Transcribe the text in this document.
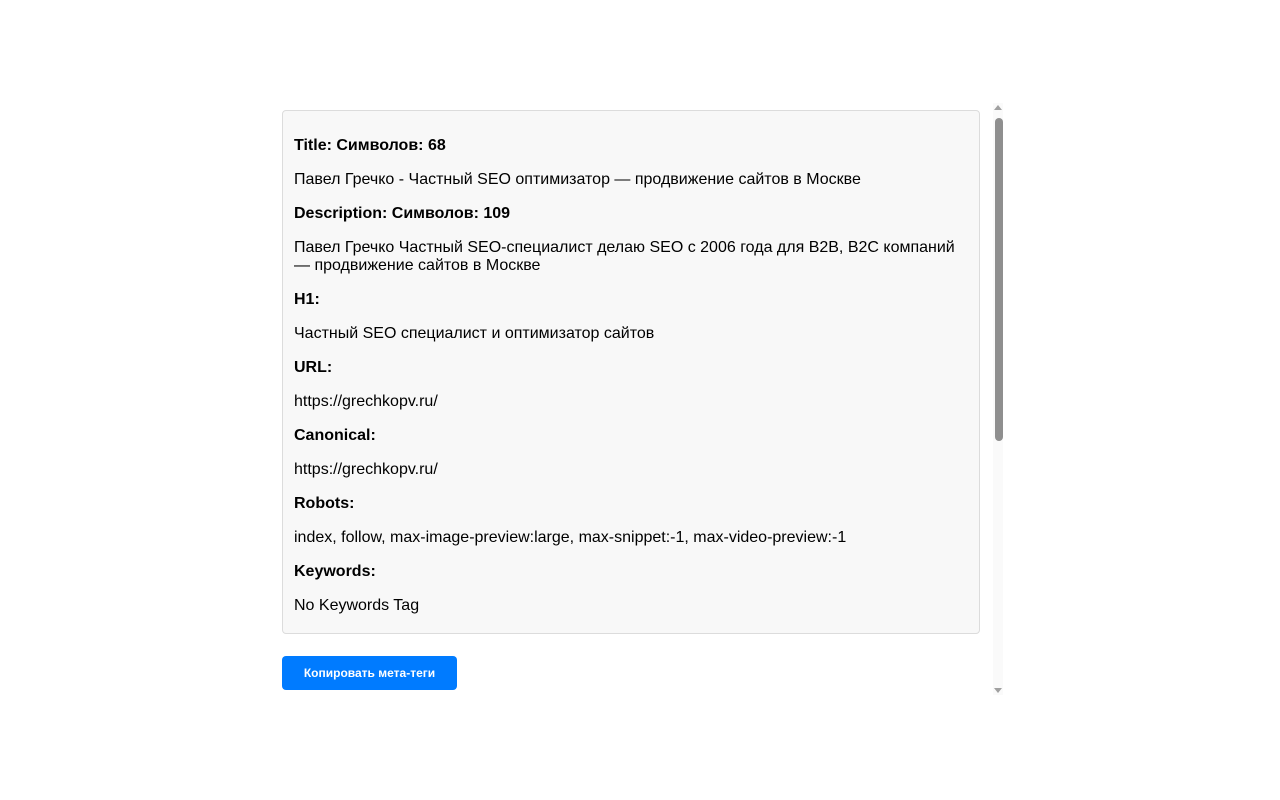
Title: Символов: 68

Павел Гречко - Частный SEO оптимизатор — продвижение сайтов в Москве

Description: Символов: 109

Павел Гречко Частный SEO-специалист делаю SEO с 2006 года для B2B, B2C компаний — продвижение сайтов в Москве

H1:

Частный SEO специалист и оптимизатор сайтов

URL:

https://grechkopv.ru/

Canonical:

https://grechkopv.ru/

Robots:

index, follow, max-image-preview:large, max-snippet:-1, max-video-preview:-1

Keywords:

No Keywords Tag

Копировать мета-теги
